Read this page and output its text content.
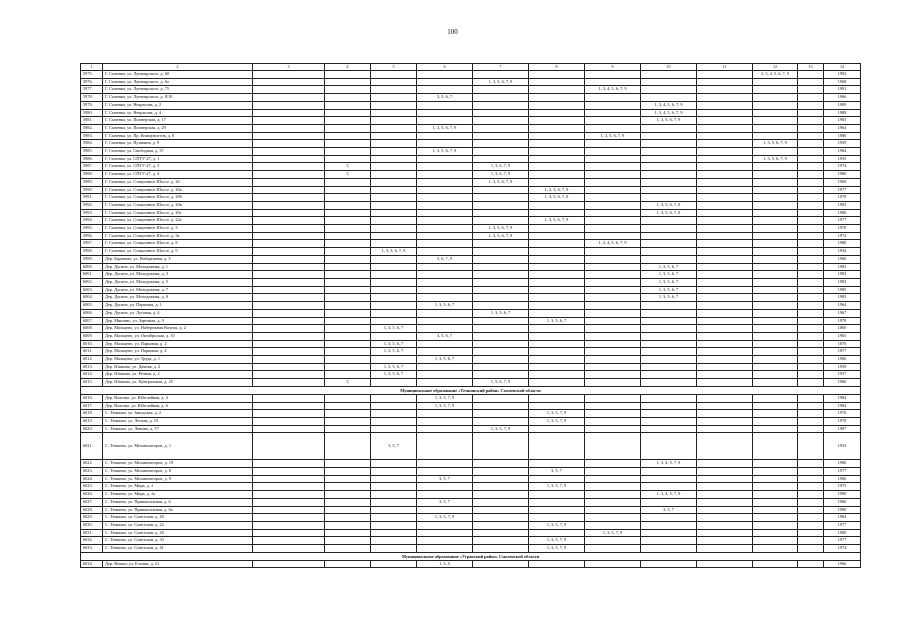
100
1	2	3	4	5	6	7	8	9	10	11	12	13	14	
5975.	Г. Сычевка, ул. Луначарского, д. 60										3, 3, 4, 5, 6, 7, 9		1992	
5976.	Г. Сычевка, ул. Луначарского, д. 6а					1, 3, 5, 6, 7, 9							1968	
5977.	Г. Сычевка, ул. Луначарского, д. 75							1, 3, 4, 5, 6, 7, 9					1981	
5978.	Г. Сычевка, ул. Луначарского, д. 8/10				3, 5, 6, 7								1966	
5979.	Г. Сычевка, ул. Некрасова, д. 2								1, 3, 4, 5, 6, 7, 9				1989	
5980.	Г. Сычевка, ул. Некрасова, д. 4								1, 3, 4, 5, 6, 7, 9				1988	
5981.	Г. Сычевка, ул. Пионерская, д. 17								1, 3, 5, 6, 7, 9				1983	
5982.	Г. Сычевка, ул. Пионерская, д. 29				1, 3, 5, 6, 7, 9								1964	
5983.	Г. Сычевка, ул. Пр. Коммунистов, д. 8							1, 3, 5, 6, 7, 9					1980	
5984.	Г. Сычевка, ул. Пушкина, д. 9										1, 3, 5, 6, 7, 9		1959	
5985.	Г. Сычевка, ул. Свободная, д. 37				1, 3, 5, 6, 7, 9								1964	
5986.	Г. Сычевка, ул. СПТУ-27, д. 1										1, 3, 5, 6, 7, 9		1955	
5987.	Г. Сычевка, ул. СПТУ-27, д. 3		3			1, 3, 6, 7, 9							1974	
5988.	Г. Сычевка, ул. СПТУ-27, д. 4		3			1, 3, 6, 7, 9							1980	
5989.	Г. Сычевка, ул. Стационное Шоссе, д. 20					1, 3, 5, 6, 7, 9							1969	
5990.	Г. Сычевка, ул. Стационное Шоссе, д. 20а						1, 2, 3, 6, 7, 9						1977	
5991.	Г. Сычевка, ул. Стационное Шоссе, д. 20б						1, 3, 5, 6, 7, 9						1979	
5992.	Г. Сычевка, ул. Стационное Шоссе, д. 20в								1, 3, 5, 6, 7, 9				1983	
5993.	Г. Сычевка, ул. Стационное Шоссе, д. 20г								1, 3, 5, 6, 7, 9				1986	
5994.	Г. Сычевка, ул. Стационное Шоссе, д. 22а						1, 3, 5, 6, 7, 9						1977	
5995.	Г. Сычевка, ул. Стационное Шоссе, д. 3					1, 3, 5, 6, 7, 9							1970	
5996.	Г. Сычевка, ул. Стационное Шоссе, д. 3а					1, 3, 5, 6, 7, 9							1972	
5997.	Г. Сычевка, ул. Стационное Шоссе, д. 8							1, 3, 4, 5, 6, 7, 9					1980	
5998.	Г. Сычевка, ул. Стационное Шоссе, д. 9			1, 3, 5, 6, 7, 9									1934	
5999.	Дер. Бараново, ул. Набережная, д. 3				5, 6, 7, 9								1966	
6000.	Дер. Дугино, ул. Молодежная, д. 1								1, 3, 5, 6, 7				1983	
6001.	Дер. Дугино, ул. Молодежная, д. 3								1, 3, 5, 6, 7				1983	
6002.	Дер. Дугино, ул. Молодежная, д. 5								1, 3, 5, 6, 7				1983	
6003.	Дер. Дугино, ул. Молодежная, д. 7								1, 3, 5, 6, 7				1985	
6004.	Дер. Дугино, ул. Молодежная, д. 9								1, 3, 5, 6, 7				1985	
6005.	Дер. Дугино, ул. Парковая, д. 1				1, 3, 5, 6, 7								1964	
6006.	Дер. Дугино, ул. Луговая, д. 4					1, 3, 5, 6, 7							1967	
6007.	Дер. Мишино, ул. Заречная, д. 9						1, 3, 5, 6, 7						1978	
6008.	Дер. Мальцево, ул. Набережная Вазузы, д. 2			1, 3, 5, 6, 7									1860	
6009.	Дер. Мальцево, ул. Октябрьская, д. 10				3, 5, 6, 7								1965	
6010.	Дер. Мальцево, ул. Парковая, д. 2			1, 3, 5, 6, 7									1876	
6011.	Дер. Мальцево, ул. Парковая, д. 4			1, 3, 5, 6, 7									1877	
6012.	Дер. Мальцево, ул. Труда, д. 1				1, 3, 5, 6, 7								1966	
6013.	Дер. Юшково, ул. Дачная, д. 2			1, 3, 5, 6, 7									1959	
6014.	Дер. Юшково, ул. Речная, д. 2			1, 3, 5, 6, 7									1957	
6015.	Дер. Юшково, ул. Центральная, д. 25		3			1, 5, 6, 7, 9							1966	
Муниципальное образование «Темкинский район» Смоленской области														
6016.	Дер. Власово, ул. Юбилейная, д. 4				1, 3, 5, 7, 9								1984	
6017.	Дер. Власово, ул. Юбилейная, д. 6				1, 3, 5, 7, 9								1984	
6018.	С. Темкино, ул. Заводская, д. 2						1, 3, 5, 7, 9						1976	
6019.	С. Темкино, ул. Лесная, д. 10						1, 3, 5, 7, 9						1978	
6020.	С. Темкино, ул. Ленина, д. 57					1, 3, 5, 7, 9							1987	
6021.	С. Темкино, ул. Механизаторов, д. 1			3, 5, 7									1953	
6022.	С. Темкино, ул. Механизаторов, д. 19								1, 3, 4, 5, 7, 9				1986	
6023.	С. Темкино, ул. Механизаторов, д. 8						3, 5, 7						1977	
6024.	С. Темкино, ул. Механизаторов, д. 9				3, 5, 7								1966	
6025.	С. Темкино, ул. Мира, д. 1						1, 3, 5, 7, 9						1975	
6026.	С. Темкино, ул. Мира, д. 1а								1, 3, 4, 5, 7, 9				1990	
6027.	С. Темкино, ул. Привокзальная, д. 6				3, 5, 7								1966	
6028.	С. Темкино, ул. Привокзальная, д. 6а								3, 5, 7				1990	
6029.	С. Темкино, ул. Советская, д. 20				1, 3, 5, 7, 9								1984	
6030.	С. Темкино, ул. Советская, д. 22						1, 3, 5, 7, 9						1977	
6031.	С. Темкино, ул. Советская, д. 29							1, 3, 5, 7, 9					1980	
6032.	С. Темкино, ул. Советская, д. 33						1, 3, 5, 7, 9						1977	
6033.	С. Темкино, ул. Советская, д. 41						1, 3, 5, 7, 9						1974	
Муниципальное образование «Угранский район» Смоленской области														
6034.	Дер. Вешки, ул. Елочки, д. 21				1, 3, 5								1966	
